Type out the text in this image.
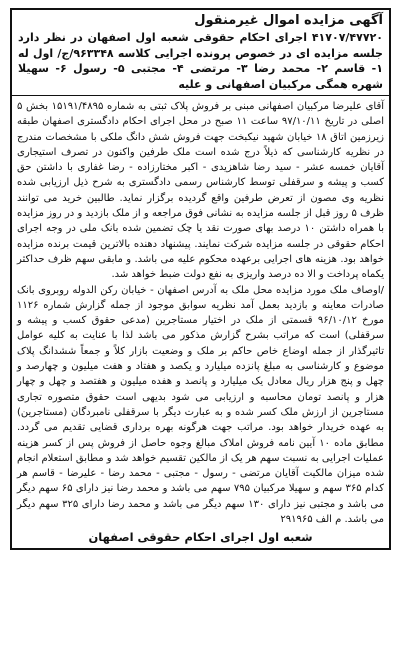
آگهی مزایده اموال غیرمنقول
۴۱۷۰۷/۴۷۷۲۰ اجرای احکام حقوقی شعبه اول اصفهان در نظر دارد جلسه مزایده ای در خصوص پرونده اجرایی کلاسه ۹۶۳۳۴۸/ج/ اول له ۱- قاسم ۲- محمد رضا ۳- مرتضی ۴- مجتبی ۵- رسول ۶- سهیلا شهره همگی مرکبیان اصفهانی و علیه

آقای علیرضا مرکبیان اصفهانی مبنی بر فروش پلاک ثبتی به شماره ۱۵۱۹۱/۴۸۹۵ بخش ۵ اصلی در تاریخ ۹۷/۱۰/۱۱ ساعت ۱۱ صبح در محل اجرای احکام دادگستری اصفهان طبقه زیرزمین اتاق ۱۸ خیابان شهید نیکبخت جهت فروش شش دانگ ملکی با مشخصات مندرج در نظریه کارشناسی که ذیلاً درج شده است ملک طرفین واکنون در تصرف استیجاری آقایان خمسه عشر - سید رضا شاهزیدی - اکبر مختارزاده - رضا غفاری با داشتن حق کسب و پیشه و سرقفلی توسط کارشناس رسمی دادگستری به شرح ذیل ارزیابی شده نظریه وی مصون از تعرض طرفین واقع گردیده برگزار نماید. طالبین خرید می توانند ظرف ۵ روز قبل از جلسه مزایده به نشانی فوق مراجعه و از ملک بازدید و در روز مزایده با همراه داشتن ۱۰ درصد بهای صورت نقد یا چک تضمین شده بانک ملی در وجه اجرای احکام حقوقی در جلسه مزایده شرکت نمایند. پیشنهاد دهنده بالاترین قیمت برنده مزایده خواهد بود. هزینه های اجرایی برعهده محکوم علیه می باشد. و مابقی سهم ظرف حداکثر یکماه پرداخت و الا ده درصد واریزی به نفع دولت ضبط خواهد شد.

/اوصاف ملک مورد مزایده محل ملک به آدرس اصفهان - خیابان رکن الدوله روبروی بانک صادرات معاینه و بازدید بعمل آمد نظریه سوابق موجود از جمله گزارش شماره ۱۱۲۶ مورخ ۹۶/۱۰/۱۲ قسمتی از ملک در اختیار مستاجرین (مدعی حقوق کسب و پیشه و سرقفلی) است که مراتب بشرح گزارش مذکور می باشد لذا با عنایت به کلیه عوامل تاثیرگذار از جمله اوضاع خاص حاکم بر ملک و وضعیت بازار کلاً و جمعاً ششدانگ پلاک موضوع و کارشناسی به مبلغ پانزده میلیارد و یکصد و هفتاد و هفت میلیون و چهارصد و چهل و پنج هزار ریال معادل یک میلیارد و پانصد و هفده میلیون و هفتصد و چهل و چهار هزار و پانصد تومان محاسبه و ارزیابی می شود بدیهی است حقوق متصوره تجاری مستاجرین از ارزش ملک کسر شده و به عبارت دیگر با سرقفلی نامبردگان (مستاجرین) به عهده خریدار خواهد بود. مراتب جهت هرگونه بهره برداری قضایی تقدیم می گردد. مطابق ماده ۱۰ آیین نامه فروش املاک مبالغ وجوه حاصل از فروش پس از کسر هزینه عملیات اجرایی به نسبت سهم هر یک از مالکین تقسیم خواهد شد و مطابق استعلام انجام شده میزان مالکیت آقایان مرتضی - رسول - مجتبی - محمد رضا - علیرضا - قاسم هر کدام ۳۶۵ سهم و سهیلا مرکبیان ۷۹۵ سهم می باشد و محمد رضا نیز دارای ۶۵ سهم دیگر می باشد و مجتبی نیز دارای ۱۳۰ سهم دیگر می باشد و محمد رضا دارای ۳۲۵ سهم دیگر می باشد. م الف ۲۹۱۹۶۵

شعبه اول اجرای احکام حقوقی اصفهان
